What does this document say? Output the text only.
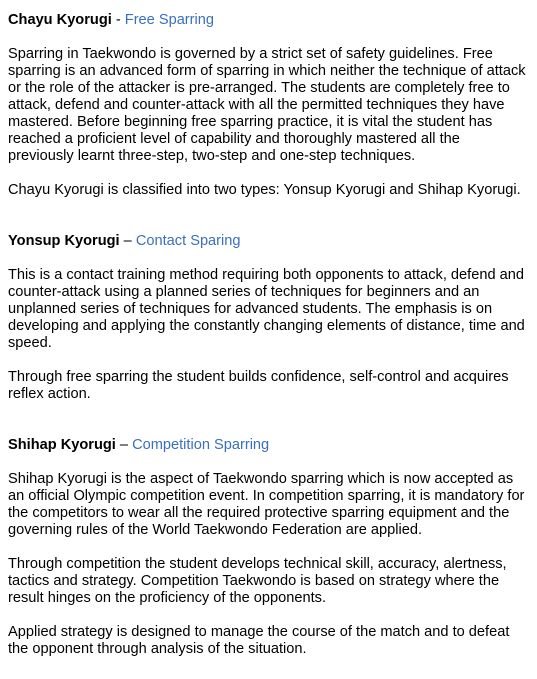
Chayu Kyorugi - Free Sparring

Sparring in Taekwondo is governed by a strict set of safety guidelines. Free sparring is an advanced form of sparring in which neither the technique of attack or the role of the attacker is pre-arranged. The students are completely free to attack, defend and counter-attack with all the permitted techniques they have mastered. Before beginning free sparring practice, it is vital the student has reached a proficient level of capability and thoroughly mastered all the previously learnt three-step, two-step and one-step techniques.

Chayu Kyorugi is classified into two types: Yonsup Kyorugi and Shihap Kyorugi.

Yonsup Kyorugi – Contact Sparing

This is a contact training method requiring both opponents to attack, defend and counter-attack using a planned series of techniques for beginners and an unplanned series of techniques for advanced students. The emphasis is on developing and applying the constantly changing elements of distance, time and speed.

Through free sparring the student builds confidence, self-control and acquires reflex action.

Shihap Kyorugi – Competition Sparring

Shihap Kyorugi is the aspect of Taekwondo sparring which is now accepted as an official Olympic competition event. In competition sparring, it is mandatory for the competitors to wear all the required protective sparring equipment and the governing rules of the World Taekwondo Federation are applied.

Through competition the student develops technical skill, accuracy, alertness, tactics and strategy. Competition Taekwondo is based on strategy where the result hinges on the proficiency of the opponents.

Applied strategy is designed to manage the course of the match and to defeat the opponent through analysis of the situation.
